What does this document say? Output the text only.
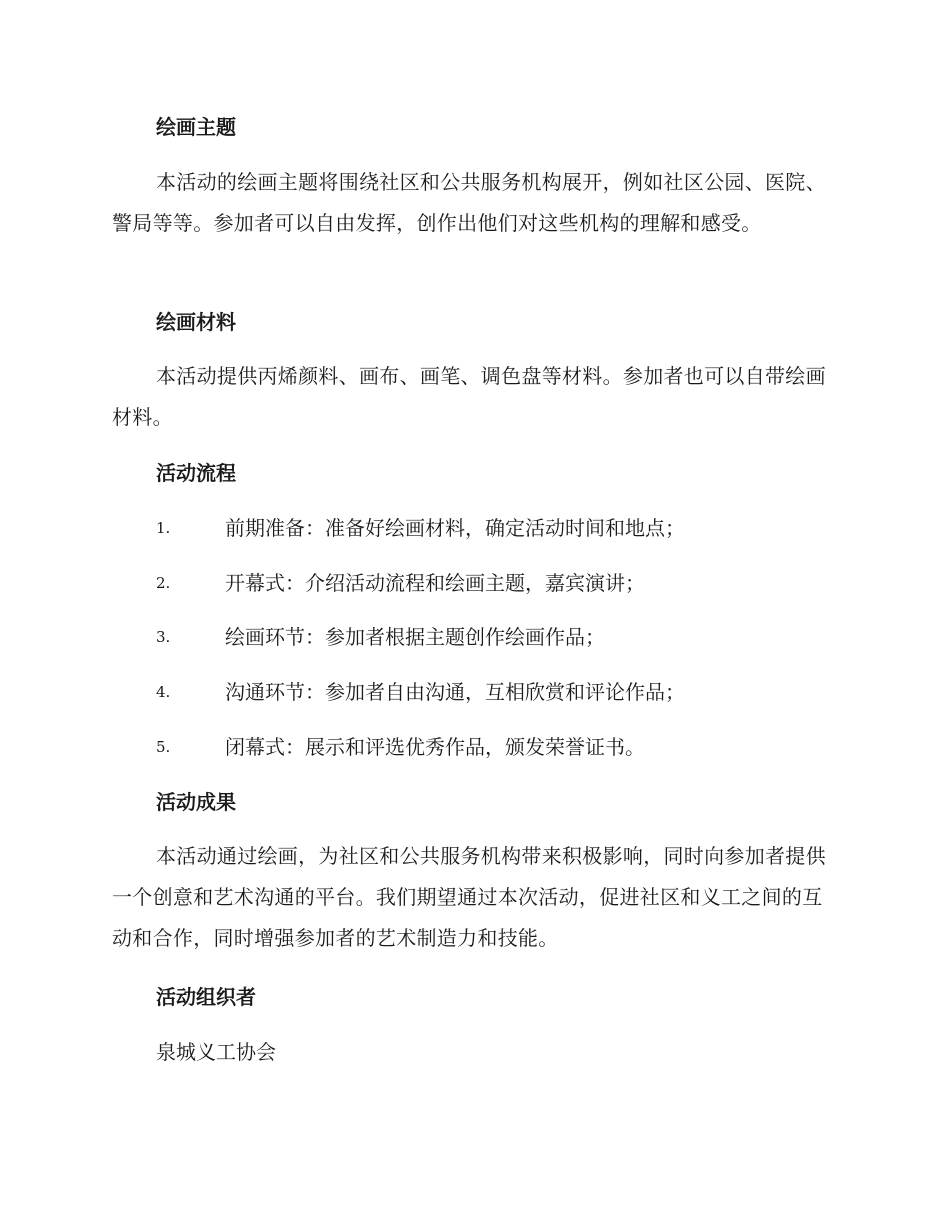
绘画主题
本活动的绘画主题将围绕社区和公共服务机构展开，例如社区公园、医院、警局等等。参加者可以自由发挥，创作出他们对这些机构的理解和感受。
绘画材料
本活动提供丙烯颜料、画布、画笔、调色盘等材料。参加者也可以自带绘画材料。
活动流程
1.	前期准备：准备好绘画材料，确定活动时间和地点；
2.	开幕式：介绍活动流程和绘画主题，嘉宾演讲；
3.	绘画环节：参加者根据主题创作绘画作品；
4.	沟通环节：参加者自由沟通，互相欣赏和评论作品；
5.	闭幕式：展示和评选优秀作品，颁发荣誉证书。
活动成果
本活动通过绘画，为社区和公共服务机构带来积极影响，同时向参加者提供一个创意和艺术沟通的平台。我们期望通过本次活动，促进社区和义工之间的互动和合作，同时增强参加者的艺术制造力和技能。
活动组织者
泉城义工协会
